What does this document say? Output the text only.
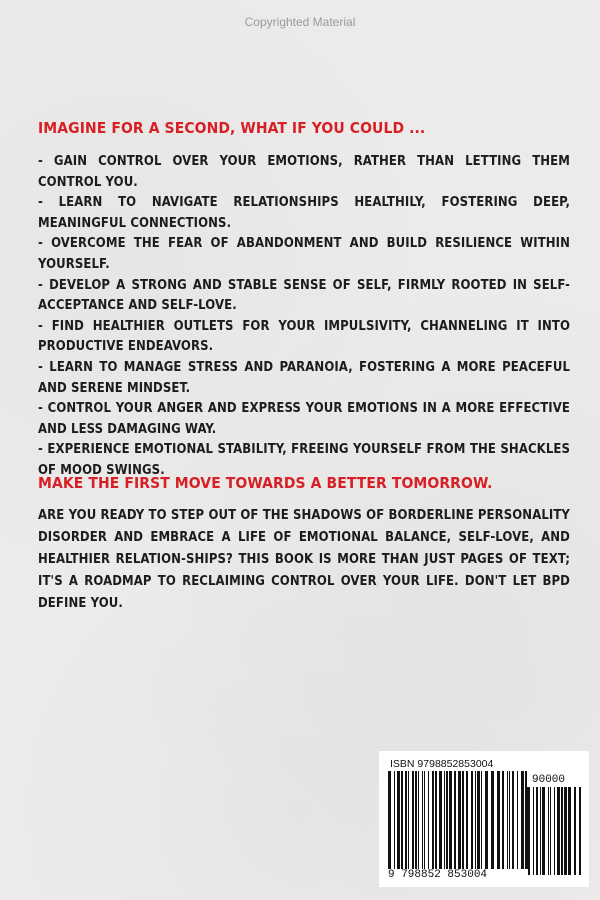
Copyrighted Material
IMAGINE FOR A SECOND, WHAT IF YOU COULD ...
- GAIN CONTROL OVER YOUR EMOTIONS, RATHER THAN LETTING THEM CONTROL YOU.
- LEARN TO NAVIGATE RELATIONSHIPS HEALTHILY, FOSTERING DEEP, MEANINGFUL CONNECTIONS.
- OVERCOME THE FEAR OF ABANDONMENT AND BUILD RESILIENCE WITHIN YOURSELF.
- DEVELOP A STRONG AND STABLE SENSE OF SELF, FIRMLY ROOTED IN SELF-ACCEPTANCE AND SELF-LOVE.
- FIND HEALTHIER OUTLETS FOR YOUR IMPULSIVITY, CHANNELING IT INTO PRODUCTIVE ENDEAVORS.
- LEARN TO MANAGE STRESS AND PARANOIA, FOSTERING A MORE PEACEFUL AND SERENE MINDSET.
- CONTROL YOUR ANGER AND EXPRESS YOUR EMOTIONS IN A MORE EFFECTIVE AND LESS DAMAGING WAY.
- EXPERIENCE EMOTIONAL STABILITY, FREEING YOURSELF FROM THE SHACKLES OF MOOD SWINGS.
MAKE THE FIRST MOVE TOWARDS A BETTER TOMORROW.

ARE YOU READY TO STEP OUT OF THE SHADOWS OF BORDERLINE PERSONALITY DISORDER AND EMBRACE A LIFE OF EMOTIONAL BALANCE, SELF-LOVE, AND HEALTHIER RELATION-SHIPS? THIS BOOK IS MORE THAN JUST PAGES OF TEXT; IT'S A ROADMAP TO RECLAIMING CONTROL OVER YOUR LIFE. DON'T LET BPD DEFINE YOU.

ISBN 9798852853004
90000
9 798852 853004
